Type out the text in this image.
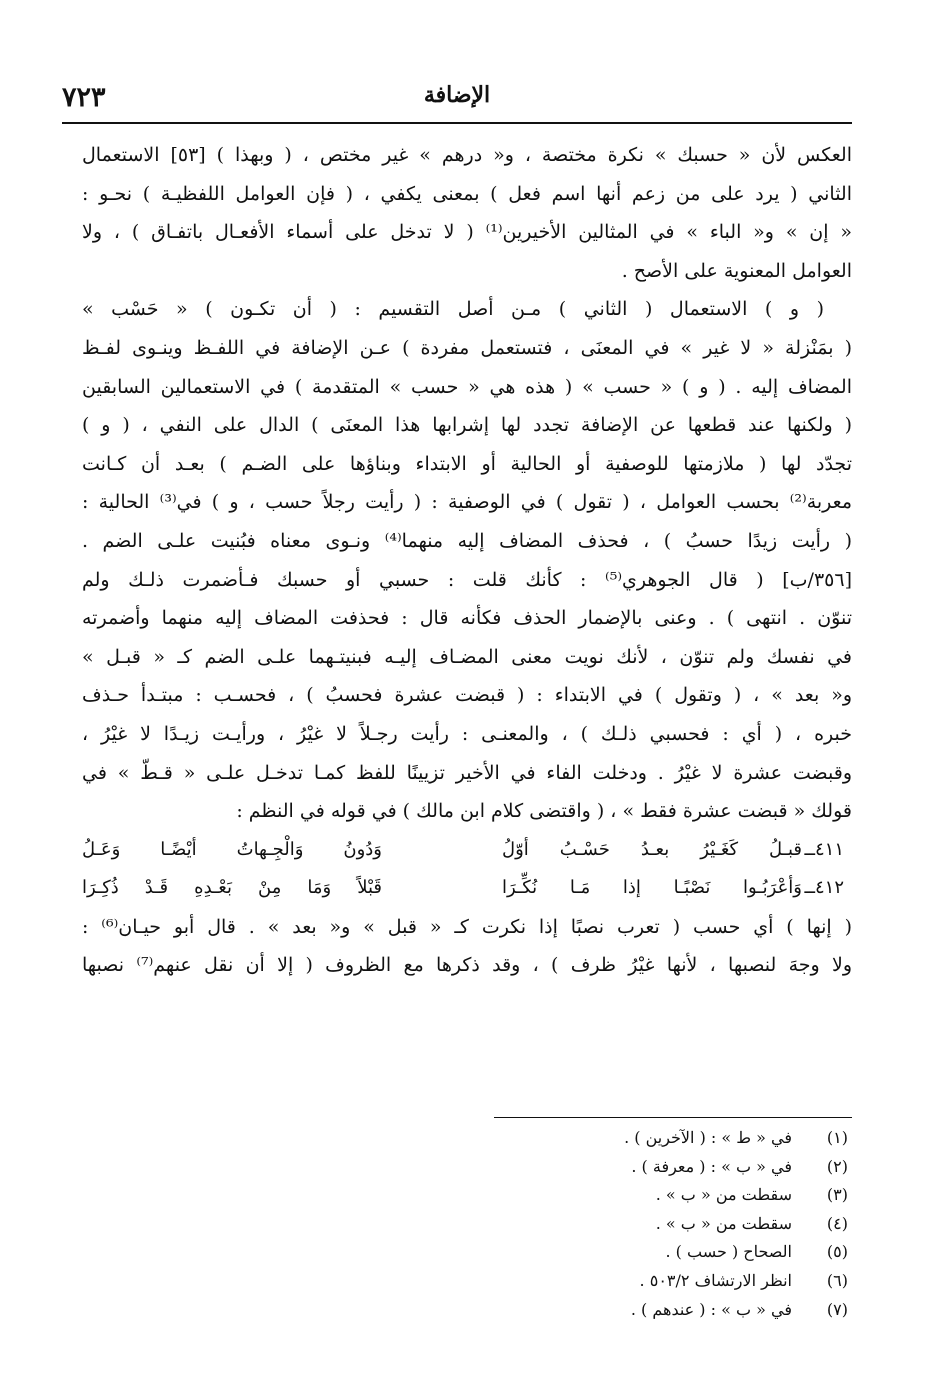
٧٢٣	الإضافة
العكس لأن « حسبك » نكرة مختصة ، و« درهم » غير مختص ، ( وبهذا ) [٥٣] الاستعمال
الثاني ( يرد على من زعم أنها اسم فعل ) بمعنى يكفي ، ( فإن العوامل اللفظيـة ) نحـو :
« إن » و« الباء » في المثالين الأخيرين⁽¹⁾ ( لا تدخل على أسماء الأفعـال باتفـاق ) ، ولا
العوامل المعنوية على الأصح .
( و ) الاستعمال ( الثاني ) مـن أصل التقسيم : ( أن تكـون ) « حَسْب »
( بمَنْزلة « لا غير » في المعنَى ، فتستعمل مفردة ) عـن الإضافة في اللفـظ وينـوى لفـظ
المضاف إليه . ( و ) « حسب » ( هذه هي « حسب » المتقدمة ) في الاستعمالين السابقين
( ولكنها عند قطعها عن الإضافة تجدد لها إشرابها هذا المعنَى ) الدال على النفي ، ( و )
تجدّد لها ( ملازمتها للوصفية أو الحالية أو الابتداء وبناؤها على الضـم ) بعـد أن كـانت
معربة⁽²⁾ بحسب العوامل ، ( تقول ) في الوصفية : ( رأيت رجلاً حسب ، و ) في⁽³⁾ الحالية :
( رأيت زيدًا حسبُ ) ، فحذف المضاف إليه منهما⁽⁴⁾ ونـوى معناه فبُنيت علـى الضم .
[٣٥٦/ب] ( قال الجوهري⁽⁵⁾ : كأنك قلت : حسبي أو حسبك فـأضمرت ذلـك ولم
تنوّن . انتهى ) . وعنى بالإضمار الحذف فكأنه قال : فحذفت المضاف إليه منهما وأضمرته
في نفسك ولم تنوّن ، لأنك نويت معنى المضـاف إليـه فبنيتـهما علـى الضم كـ « قبـل »
و« بعد » ، ( وتقول ) في الابتداء : ( قبضت عشرة فحسبُ ) ، فحسـب : مبتـدأ حـذف
خبره ، ( أي : فحسبي ذلـك ) ، والمعنـى : رأيت رجـلاً لا غيْرُ ، ورأيـت زيـدًا لا غيْرُ ،
وقبضت عشرة لا غيْرُ . ودخلت الفاء في الأخير تزيينًا للفظ كمـا تدخـل علـى « قـطّ » في
قولك « قبضت عشرة فقط » ، ( واقتضى كلام ابن مالك ) في قوله في النظم :
٤١١ــ
قبـلُ كَغَـيْرُ بعـدُ حَسْـبُ أوّلُ
وَدُونُ وَالْجِـهاتُ أيْضًـا وَعَـلُ
٤١٢ــ
وَأعْرَبُـوا نَصْبًـا إذا مَـا نُكِّـرَا
قَبْلاً وَمَا مِنْ بَعْـدِهِ قَـدْ ذُكِـرَا
( إنها ) أي حسب ( تعرب نصبًا إذا نكرت كـ « قبل » و« بعد » . قال أبو حيـان⁽⁶⁾ :
ولا وجهَ لنصبها ، لأنها غيْرُ ظرف ) ، وقد ذكرها مع الظروف ( إلا أن نقل عنهم⁽⁷⁾ نصبها
(١)
في « ط » : ( الآخرين ) .
(٢)
في « ب » : ( معرفة ) .
(٣)
سقطت من « ب » .
(٤)
سقطت من « ب » .
(٥)
الصحاح ( حسب ) .
(٦)
انظر الارتشاف ٥٠٣/٢ .
(٧)
في « ب » : ( عندهم ) .
